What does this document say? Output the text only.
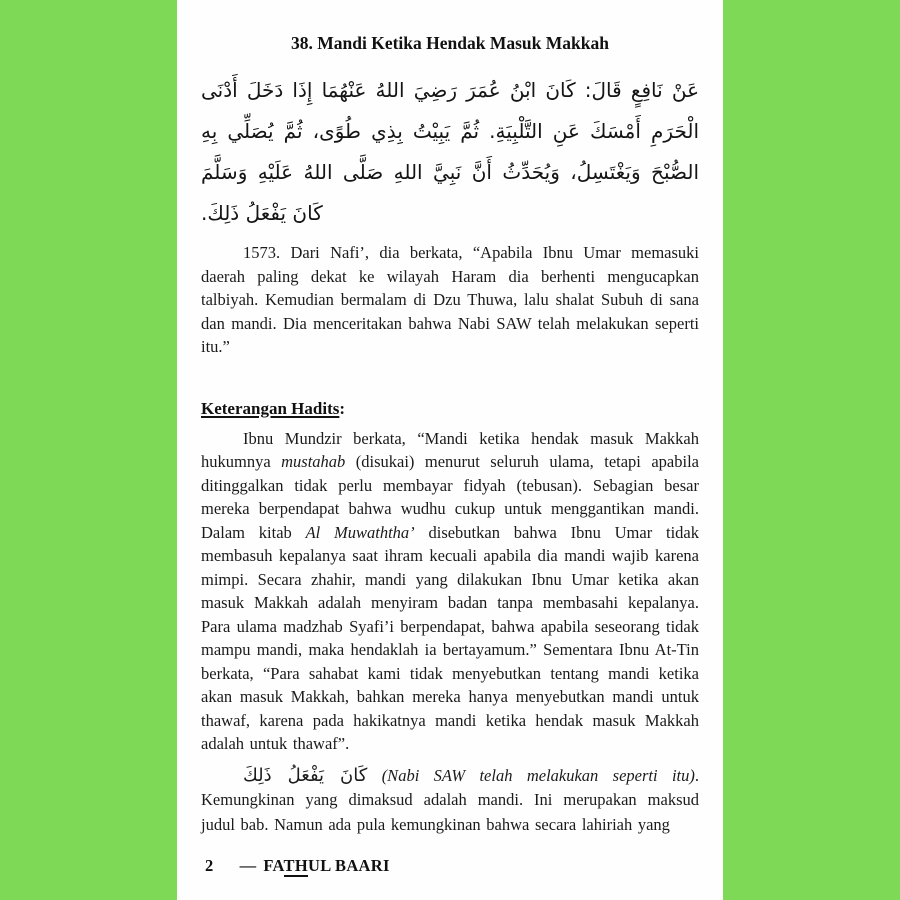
38. Mandi Ketika Hendak Masuk Makkah

عَنْ نَافِعٍ قَالَ: كَانَ ابْنُ عُمَرَ رَضِيَ اللهُ عَنْهُمَا إِذَا دَخَلَ أَدْنَى الْحَرَمِ أَمْسَكَ عَنِ التَّلْبِيَةِ. ثُمَّ يَبِيْتُ بِذِي طُوًى، ثُمَّ يُصَلِّي بِهِ الصُّبْحَ وَيَغْتَسِلُ، وَيُحَدِّثُ أَنَّ نَبِيَّ اللهِ صَلَّى اللهُ عَلَيْهِ وَسَلَّمَ كَانَ يَفْعَلُ ذَلِكَ.

1573. Dari Nafi’, dia berkata, “Apabila Ibnu Umar memasuki daerah paling dekat ke wilayah Haram dia berhenti mengucapkan talbiyah. Kemudian bermalam di Dzu Thuwa, lalu shalat Subuh di sana dan mandi. Dia menceritakan bahwa Nabi SAW telah melakukan seperti itu.”

Keterangan Hadits:

Ibnu Mundzir berkata, “Mandi ketika hendak masuk Makkah hukumnya mustahab (disukai) menurut seluruh ulama, tetapi apabila ditinggalkan tidak perlu membayar fidyah (tebusan). Sebagian besar mereka berpendapat bahwa wudhu cukup untuk menggantikan mandi. Dalam kitab Al Muwaththa’ disebutkan bahwa Ibnu Umar tidak membasuh kepalanya saat ihram kecuali apabila dia mandi wajib karena mimpi. Secara zhahir, mandi yang dilakukan Ibnu Umar ketika akan masuk Makkah adalah menyiram badan tanpa membasahi kepalanya. Para ulama madzhab Syafi’i berpendapat, bahwa apabila seseorang tidak mampu mandi, maka hendaklah ia bertayamum.” Sementara Ibnu At-Tin berkata, “Para sahabat kami tidak menyebutkan tentang mandi ketika akan masuk Makkah, bahkan mereka hanya menyebutkan mandi untuk thawaf, karena pada hakikatnya mandi ketika hendak masuk Makkah adalah untuk thawaf”.

كَانَ يَفْعَلُ ذَلِكَ (Nabi SAW telah melakukan seperti itu). Kemungkinan yang dimaksud adalah mandi. Ini merupakan maksud judul bab. Namun ada pula kemungkinan bahwa secara lahiriah yang

2 — FATHUL BAARI
